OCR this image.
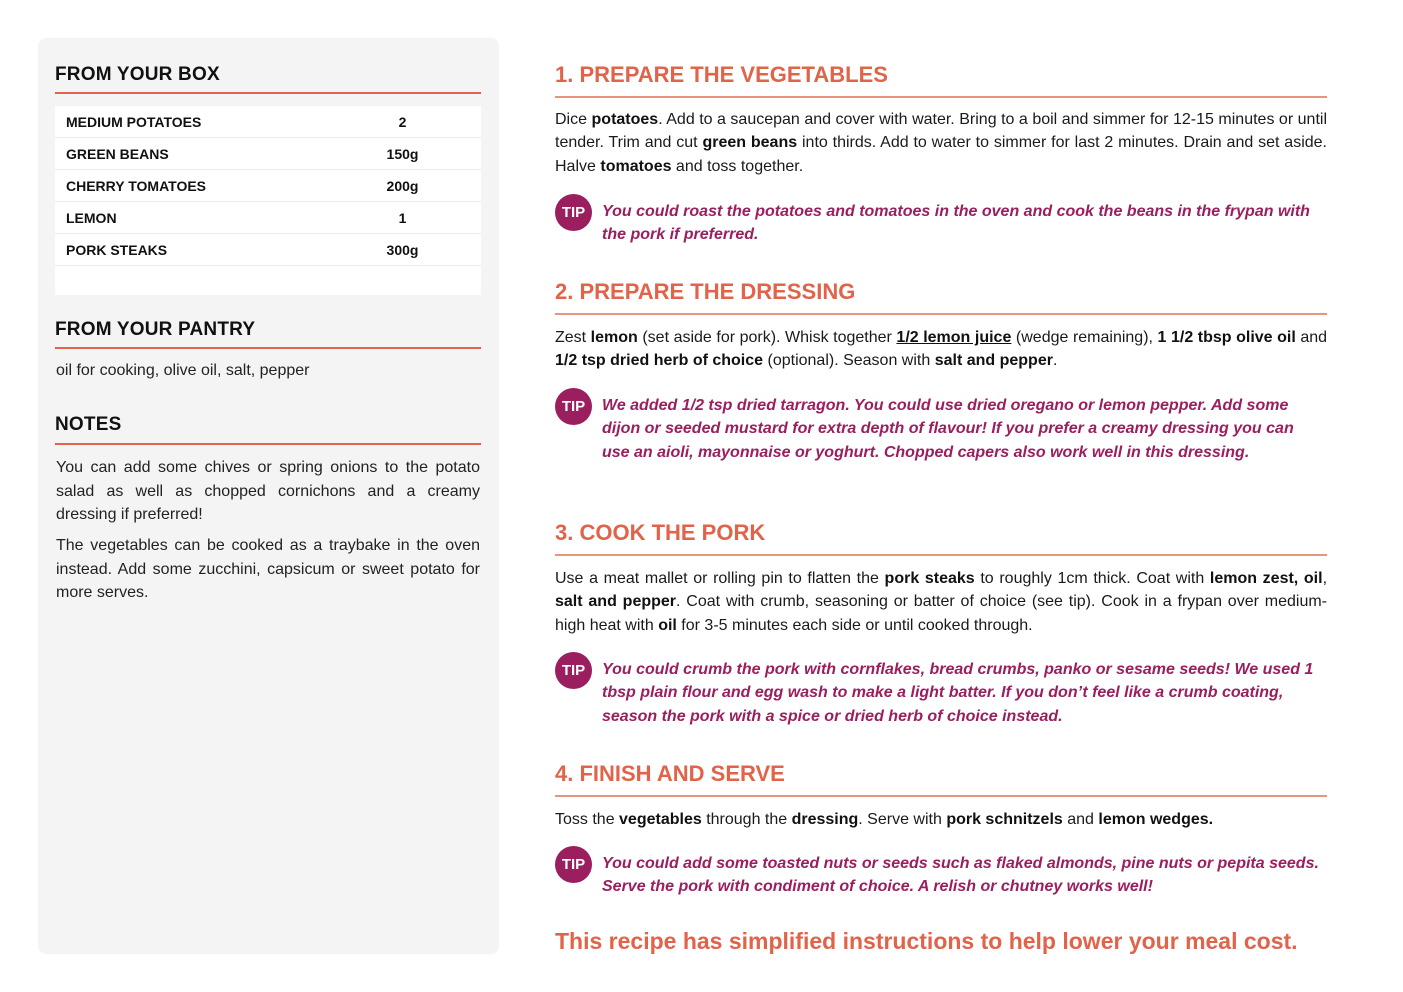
FROM YOUR BOX
MEDIUM POTATOES	2
GREEN BEANS	150g
CHERRY TOMATOES	200g
LEMON	1
PORK STEAKS	300g
FROM YOUR PANTRY
oil for cooking, olive oil, salt, pepper
NOTES

You can add some chives or spring onions to the potato salad as well as chopped cornichons and a creamy dressing if preferred!

The vegetables can be cooked as a traybake in the oven instead. Add some zucchini, capsicum or sweet potato for more serves.

1. PREPARE THE VEGETABLES

Dice potatoes. Add to a saucepan and cover with water. Bring to a boil and simmer for 12-15 minutes or until tender. Trim and cut green beans into thirds. Add to water to simmer for last 2 minutes. Drain and set aside. Halve tomatoes and toss together.

TIP	You could roast the potatoes and tomatoes in the oven and cook the beans in the frypan with the pork if preferred.

2. PREPARE THE DRESSING

Zest lemon (set aside for pork). Whisk together 1/2 lemon juice (wedge remaining), 1 1/2 tbsp olive oil and 1/2 tsp dried herb of choice (optional). Season with salt and pepper.

TIP	We added 1/2 tsp dried tarragon. You could use dried oregano or lemon pepper. Add some dijon or seeded mustard for extra depth of flavour! If you prefer a creamy dressing you can use an aioli, mayonnaise or yoghurt. Chopped capers also work well in this dressing.

3. COOK THE PORK

Use a meat mallet or rolling pin to flatten the pork steaks to roughly 1cm thick. Coat with lemon zest, oil, salt and pepper. Coat with crumb, seasoning or batter of choice (see tip). Cook in a frypan over medium-high heat with oil for 3-5 minutes each side or until cooked through.

TIP	You could crumb the pork with cornflakes, bread crumbs, panko or sesame seeds! We used 1 tbsp plain flour and egg wash to make a light batter. If you don’t feel like a crumb coating, season the pork with a spice or dried herb of choice instead.

4. FINISH AND SERVE

Toss the vegetables through the dressing. Serve with pork schnitzels and lemon wedges.

TIP	You could add some toasted nuts or seeds such as flaked almonds, pine nuts or pepita seeds. Serve the pork with condiment of choice. A relish or chutney works well!

This recipe has simplified instructions to help lower your meal cost.
